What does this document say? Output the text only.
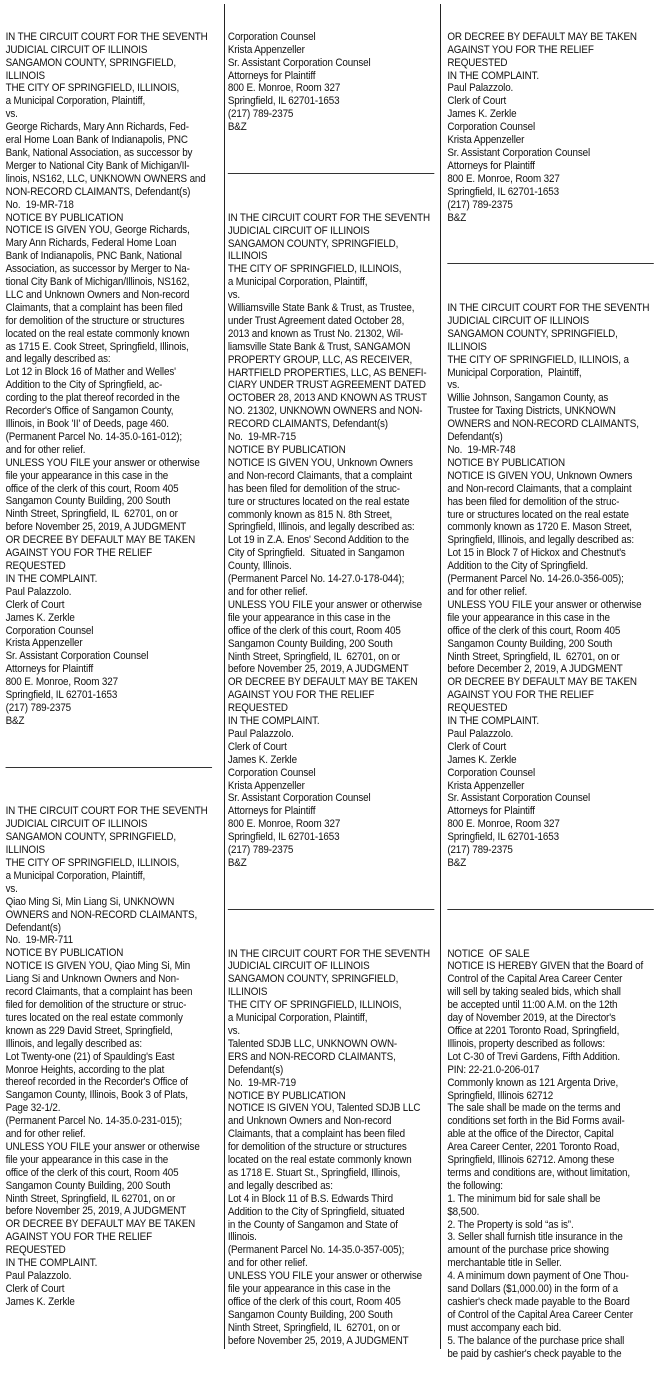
IN THE CIRCUIT COURT FOR THE SEVENTH
JUDICIAL CIRCUIT OF ILLINOIS
SANGAMON COUNTY, SPRINGFIELD,
ILLINOIS
THE CITY OF SPRINGFIELD, ILLINOIS,
a Municipal Corporation, Plaintiff,
vs.
George Richards, Mary Ann Richards, Fed-
eral Home Loan Bank of Indianapolis, PNC
Bank, National Association, as successor by
Merger to National City Bank of Michigan/Il-
linois, NS162, LLC, UNKNOWN OWNERS and
NON-RECORD CLAIMANTS, Defendant(s)
No.  19-MR-718
NOTICE BY PUBLICATION
NOTICE IS GIVEN YOU, George Richards,
Mary Ann Richards, Federal Home Loan
Bank of Indianapolis, PNC Bank, National
Association, as successor by Merger to Na-
tional City Bank of Michigan/Illinois, NS162,
LLC and Unknown Owners and Non-record
Claimants, that a complaint has been filed
for demolition of the structure or structures
located on the real estate commonly known
as 1715 E. Cook Street, Springfield, Illinois,
and legally described as:
Lot 12 in Block 16 of Mather and Welles'
Addition to the City of Springfield, ac-
cording to the plat thereof recorded in the
Recorder's Office of Sangamon County,
Illinois, in Book 'II' of Deeds, page 460.
(Permanent Parcel No. 14-35.0-161-012);
and for other relief.
UNLESS YOU FILE your answer or otherwise
file your appearance in this case in the
office of the clerk of this court, Room 405
Sangamon County Building, 200 South
Ninth Street, Springfield, IL  62701, on or
before November 25, 2019, A JUDGMENT
OR DECREE BY DEFAULT MAY BE TAKEN
AGAINST YOU FOR THE RELIEF REQUESTED
IN THE COMPLAINT.
Paul Palazzolo.
Clerk of Court
James K. Zerkle
Corporation Counsel
Krista Appenzeller
Sr. Assistant Corporation Counsel
Attorneys for Plaintiff
800 E. Monroe, Room 327
Springfield, IL 62701-1653
(217) 789-2375
B&Z

IN THE CIRCUIT COURT FOR THE SEVENTH
JUDICIAL CIRCUIT OF ILLINOIS
SANGAMON COUNTY, SPRINGFIELD,
ILLINOIS
THE CITY OF SPRINGFIELD, ILLINOIS,
a Municipal Corporation, Plaintiff,
vs.
Qiao Ming Si, Min Liang Si, UNKNOWN
OWNERS and NON-RECORD CLAIMANTS,
Defendant(s)
No.  19-MR-711
NOTICE BY PUBLICATION
NOTICE IS GIVEN YOU, Qiao Ming Si, Min
Liang Si and Unknown Owners and Non-
record Claimants, that a complaint has been
filed for demolition of the structure or struc-
tures located on the real estate commonly
known as 229 David Street, Springfield,
Illinois, and legally described as:
Lot Twenty-one (21) of Spaulding's East
Monroe Heights, according to the plat
thereof recorded in the Recorder's Office of
Sangamon County, Illinois, Book 3 of Plats,
Page 32-1/2.
(Permanent Parcel No. 14-35.0-231-015);
and for other relief.
UNLESS YOU FILE your answer or otherwise
file your appearance in this case in the
office of the clerk of this court, Room 405
Sangamon County Building, 200 South
Ninth Street, Springfield, IL 62701, on or
before November 25, 2019, A JUDGMENT
OR DECREE BY DEFAULT MAY BE TAKEN
AGAINST YOU FOR THE RELIEF REQUESTED
IN THE COMPLAINT.
Paul Palazzolo.
Clerk of Court
James K. Zerkle

Corporation Counsel
Krista Appenzeller
Sr. Assistant Corporation Counsel
Attorneys for Plaintiff
800 E. Monroe, Room 327
Springfield, IL 62701-1653
(217) 789-2375
B&Z

IN THE CIRCUIT COURT FOR THE SEVENTH
JUDICIAL CIRCUIT OF ILLINOIS
SANGAMON COUNTY, SPRINGFIELD,
ILLINOIS
THE CITY OF SPRINGFIELD, ILLINOIS,
a Municipal Corporation, Plaintiff,
vs.
Williamsville State Bank & Trust, as Trustee,
under Trust Agreement dated October 28,
2013 and known as Trust No. 21302, Wil-
liamsville State Bank & Trust, SANGAMON
PROPERTY GROUP, LLC, AS RECEIVER,
HARTFIELD PROPERTIES, LLC, AS BENEFI-
CIARY UNDER TRUST AGREEMENT DATED
OCTOBER 28, 2013 AND KNOWN AS TRUST
NO. 21302, UNKNOWN OWNERS and NON-
RECORD CLAIMANTS, Defendant(s)
No.  19-MR-715
NOTICE BY PUBLICATION
NOTICE IS GIVEN YOU, Unknown Owners
and Non-record Claimants, that a complaint
has been filed for demolition of the struc-
ture or structures located on the real estate
commonly known as 815 N. 8th Street,
Springfield, Illinois, and legally described as:
Lot 19 in Z.A. Enos' Second Addition to the
City of Springfield.  Situated in Sangamon
County, Illinois.
(Permanent Parcel No. 14-27.0-178-044);
and for other relief.
UNLESS YOU FILE your answer or otherwise
file your appearance in this case in the
office of the clerk of this court, Room 405
Sangamon County Building, 200 South
Ninth Street, Springfield, IL  62701, on or
before November 25, 2019, A JUDGMENT
OR DECREE BY DEFAULT MAY BE TAKEN
AGAINST YOU FOR THE RELIEF REQUESTED
IN THE COMPLAINT.
Paul Palazzolo.
Clerk of Court
James K. Zerkle
Corporation Counsel
Krista Appenzeller
Sr. Assistant Corporation Counsel
Attorneys for Plaintiff
800 E. Monroe, Room 327
Springfield, IL 62701-1653
(217) 789-2375
B&Z

IN THE CIRCUIT COURT FOR THE SEVENTH
JUDICIAL CIRCUIT OF ILLINOIS
SANGAMON COUNTY, SPRINGFIELD,
ILLINOIS
THE CITY OF SPRINGFIELD, ILLINOIS,
a Municipal Corporation, Plaintiff,
vs.
Talented SDJB LLC, UNKNOWN OWN-
ERS and NON-RECORD CLAIMANTS,
Defendant(s)
No.  19-MR-719
NOTICE BY PUBLICATION
NOTICE IS GIVEN YOU, Talented SDJB LLC
and Unknown Owners and Non-record
Claimants, that a complaint has been filed
for demolition of the structure or structures
located on the real estate commonly known
as 1718 E. Stuart St., Springfield, Illinois,
and legally described as:
Lot 4 in Block 11 of B.S. Edwards Third
Addition to the City of Springfield, situated
in the County of Sangamon and State of
Illinois.
(Permanent Parcel No. 14-35.0-357-005);
and for other relief.
UNLESS YOU FILE your answer or otherwise
file your appearance in this case in the
office of the clerk of this court, Room 405
Sangamon County Building, 200 South
Ninth Street, Springfield, IL  62701, on or
before November 25, 2019, A JUDGMENT

OR DECREE BY DEFAULT MAY BE TAKEN
AGAINST YOU FOR THE RELIEF REQUESTED
IN THE COMPLAINT.
Paul Palazzolo.
Clerk of Court
James K. Zerkle
Corporation Counsel
Krista Appenzeller
Sr. Assistant Corporation Counsel
Attorneys for Plaintiff
800 E. Monroe, Room 327
Springfield, IL 62701-1653
(217) 789-2375
B&Z

IN THE CIRCUIT COURT FOR THE SEVENTH
JUDICIAL CIRCUIT OF ILLINOIS
SANGAMON COUNTY, SPRINGFIELD,
ILLINOIS
THE CITY OF SPRINGFIELD, ILLINOIS, a
Municipal Corporation,  Plaintiff,
vs.
Willie Johnson, Sangamon County, as
Trustee for Taxing Districts, UNKNOWN
OWNERS and NON-RECORD CLAIMANTS,
Defendant(s)
No.  19-MR-748
NOTICE BY PUBLICATION
NOTICE IS GIVEN YOU, Unknown Owners
and Non-record Claimants, that a complaint
has been filed for demolition of the struc-
ture or structures located on the real estate
commonly known as 1720 E. Mason Street,
Springfield, Illinois, and legally described as:
Lot 15 in Block 7 of Hickox and Chestnut's
Addition to the City of Springfield.
(Permanent Parcel No. 14-26.0-356-005);
and for other relief.
UNLESS YOU FILE your answer or otherwise
file your appearance in this case in the
office of the clerk of this court, Room 405
Sangamon County Building, 200 South
Ninth Street, Springfield, IL  62701, on or
before December 2, 2019, A JUDGMENT
OR DECREE BY DEFAULT MAY BE TAKEN
AGAINST YOU FOR THE RELIEF REQUESTED
IN THE COMPLAINT.
Paul Palazzolo.
Clerk of Court
James K. Zerkle
Corporation Counsel
Krista Appenzeller
Sr. Assistant Corporation Counsel
Attorneys for Plaintiff
800 E. Monroe, Room 327
Springfield, IL 62701-1653
(217) 789-2375
B&Z

NOTICE  OF SALE
NOTICE IS HEREBY GIVEN that the Board of
Control of the Capital Area Career Center
will sell by taking sealed bids, which shall
be accepted until 11:00 A.M. on the 12th
day of November 2019, at the Director's
Office at 2201 Toronto Road, Springfield,
Illinois, property described as follows:
Lot C-30 of Trevi Gardens, Fifth Addition.
PIN: 22-21.0-206-017
Commonly known as 121 Argenta Drive,
Springfield, Illinois 62712
The sale shall be made on the terms and
conditions set forth in the Bid Forms avail-
able at the office of the Director, Capital
Area Career Center, 2201 Toronto Road,
Springfield, Illinois 62712. Among these
terms and conditions are, without limitation,
the following:
1. The minimum bid for sale shall be
$8,500.
2. The Property is sold “as is”.
3. Seller shall furnish title insurance in the
amount of the purchase price showing
merchantable title in Seller.
4. A minimum down payment of One Thou-
sand Dollars ($1,000.00) in the form of a
cashier's check made payable to the Board
of Control of the Capital Area Career Center
must accompany each bid.
5. The balance of the purchase price shall
be paid by cashier's check payable to the
